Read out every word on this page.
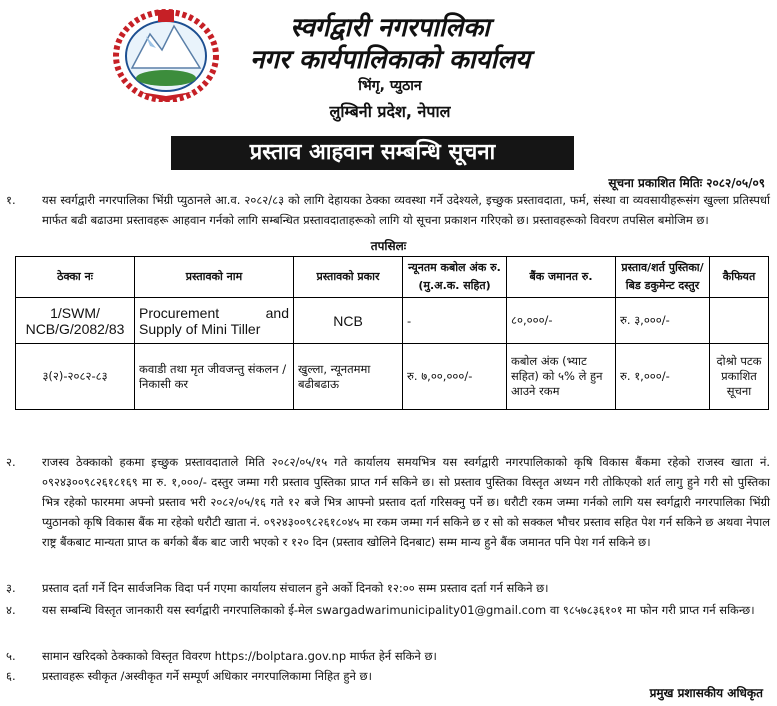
स्वर्गद्वारी नगरपालिका
नगर कार्यपालिकाको कार्यालय
भिंगृ, प्युठान
लुम्बिनी प्रदेश, नेपाल
प्रस्ताव आहवान सम्बन्धि सूचना
सूचना प्रकाशित मितिः २०८२/०५/०९
१.	यस स्वर्गद्वारी नगरपालिका भिंग्री प्युठानले आ.व. २०८२/८३ को लागि देहायका ठेक्का व्यवस्था गर्ने उदेश्यले, इच्छुक प्रस्तावदाता, फर्म, संस्था वा व्यवसायीहरूसंग खुल्ला प्रतिस्पर्धा मार्फत बढी बढाउमा प्रस्तावहरू आहवान गर्नको लागि सम्बन्धित प्रस्तावदाताहरूको लागि यो सूचना प्रकाशन गरिएको छ। प्रस्तावहरूको विवरण तपसिल बमोजिम छ।
तपसिलः
ठेक्का नः	प्रस्तावको नाम	प्रस्तावको प्रकार	न्यूनतम कबोल अंक रु. (मु.अ.क. सहित)	बैंक जमानत रु.	प्रस्ताव/शर्त पुस्तिका/बिड डकुमेन्ट दस्तुर	कैफियत
1/SWM/ NCB/G/2082/83	Procurement and Supply of Mini Tiller	NCB	-	८०,०००/-	रु. ३,०००/-	
३(२)-२०८२-८३	कवाडी तथा मृत जीवजन्तु संकलन /निकासी कर	खुल्ला, न्यूनतममा बढीबढाऊ	रु. ७,००,०००/-	कबोल अंक (भ्याट सहित) को ५% ले हुन आउने रकम	रु. १,०००/-	दोश्रो पटक प्रकाशित सूचना
२.	राजस्व ठेक्काको हकमा इच्छुक प्रस्तावदाताले मिति २०८२/०५/१५ गते कार्यालय समयभित्र यस स्वर्गद्वारी नगरपालिकाको कृषि विकास बैंकमा रहेको राजस्व खाता नं. ०९२४३००९८२६१८१६९ मा रु. १,०००/- दस्तुर जम्मा गरी प्रस्ताव पुस्तिका प्राप्त गर्न सकिने छ। सो प्रस्ताव पुस्तिका विस्तृत अध्यन गरी तोकिएको शर्त लागु हुने गरी सो पुस्तिका भित्र रहेको फारममा अफ्नो प्रस्ताव भरी २०८२/०५/१६ गते १२ बजे भित्र आफ्नो प्रस्ताव दर्ता गरिसक्नु पर्ने छ। धरौटी रकम जम्मा गर्नको लागि यस स्वर्गद्वारी नगरपालिका भिंग्री प्युठानको कृषि विकास बैंक मा रहेको धरौटी खाता नं. ०९२४३००९८२६१८०४५ मा रकम जम्मा गर्न सकिने छ र सो को सक्कल भौचर प्रस्ताव सहित पेश गर्न सकिने छ अथवा नेपाल राष्ट्र बैंकबाट मान्यता प्राप्त क बर्गको बैंक बाट जारी भएको र १२० दिन (प्रस्ताव खोलिने दिनबाट) सम्म मान्य हुने बैंक जमानत पनि पेश गर्न सकिने छ।
३.	प्रस्ताव दर्ता गर्ने दिन सार्वजनिक विदा पर्न गएमा कार्यालय संचालन हुने अर्को दिनको १२:०० सम्म प्रस्ताव दर्ता गर्न सकिने छ।
४.	यस सम्बन्धि विस्तृत जानकारी यस स्वर्गद्वारी नगरपालिकाको ई-मेल swargadwarimunicipality01@gmail.com वा ९८५७८३६१०१ मा फोन गरी प्राप्त गर्न सकिन्छ।
५.	सामान खरिदको ठेक्काको विस्तृत विवरण https://bolptara.gov.np मार्फत हेर्न सकिने छ।
६.	प्रस्तावहरू स्वीकृत /अस्वीकृत गर्ने सम्पूर्ण अधिकार नगरपालिकामा निहित हुने छ।
प्रमुख प्रशासकीय अधिकृत
